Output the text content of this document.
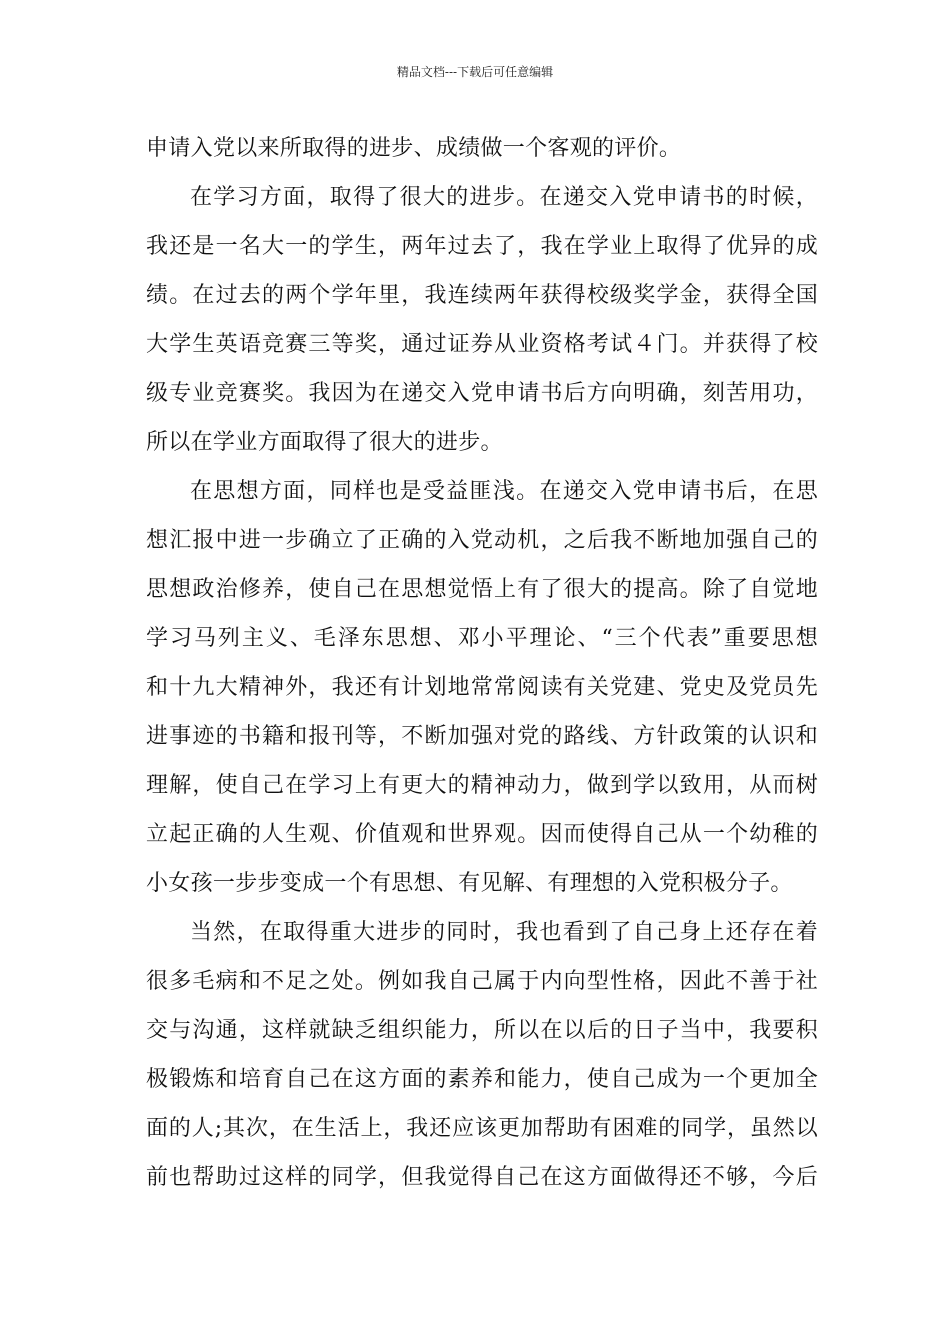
精品文档---下载后可任意编辑
申请入党以来所取得的进步、成绩做一个客观的评价。
在学习方面，取得了很大的进步。在递交入党申请书的时候，
我还是一名大一的学生，两年过去了，我在学业上取得了优异的成
绩。在过去的两个学年里，我连续两年获得校级奖学金，获得全国
大学生英语竞赛三等奖，通过证券从业资格考试４门。并获得了校
级专业竞赛奖。我因为在递交入党申请书后方向明确，刻苦用功，
所以在学业方面取得了很大的进步。
在思想方面，同样也是受益匪浅。在递交入党申请书后，在思
想汇报中进一步确立了正确的入党动机，之后我不断地加强自己的
思想政治修养，使自己在思想觉悟上有了很大的提高。除了自觉地
学习马列主义、毛泽东思想、邓小平理论、“三个代表”重要思想
和十九大精神外，我还有计划地常常阅读有关党建、党史及党员先
进事迹的书籍和报刊等，不断加强对党的路线、方针政策的认识和
理解，使自己在学习上有更大的精神动力，做到学以致用，从而树
立起正确的人生观、价值观和世界观。因而使得自己从一个幼稚的
小女孩一步步变成一个有思想、有见解、有理想的入党积极分子。
当然，在取得重大进步的同时，我也看到了自己身上还存在着
很多毛病和不足之处。例如我自己属于内向型性格，因此不善于社
交与沟通，这样就缺乏组织能力，所以在以后的日子当中，我要积
极锻炼和培育自己在这方面的素养和能力，使自己成为一个更加全
面的人;其次，在生活上，我还应该更加帮助有困难的同学，虽然以
前也帮助过这样的同学，但我觉得自己在这方面做得还不够，今后
